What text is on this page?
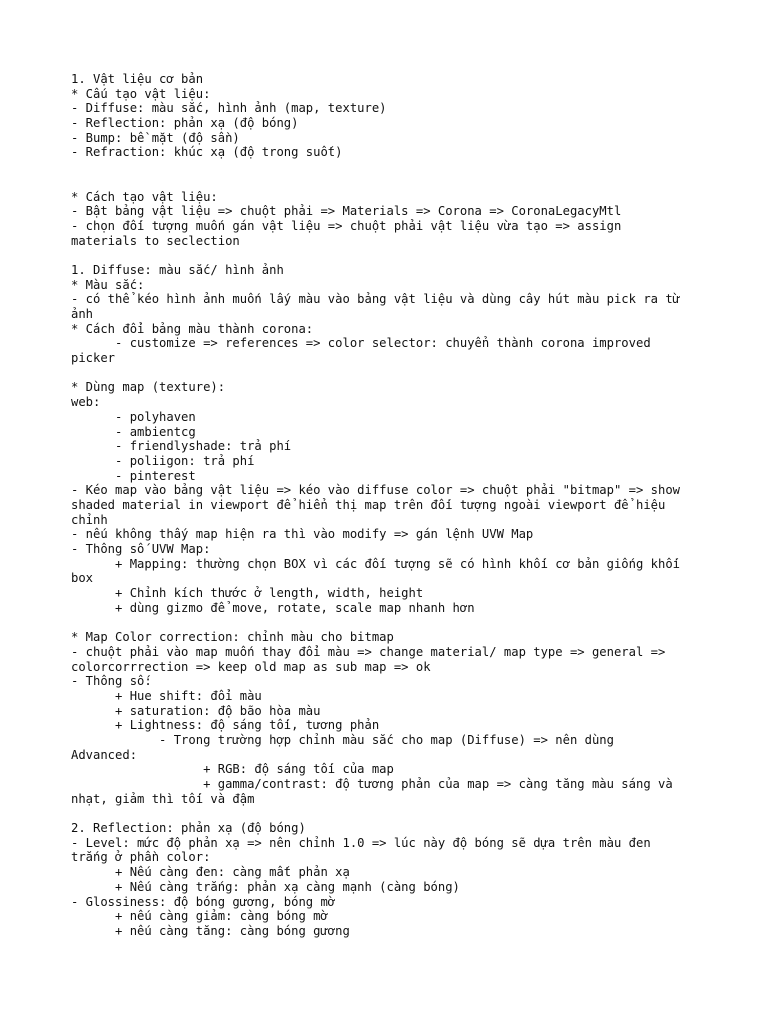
1. Vật liệu cơ bản
* Cấu tạo vật liệu:
- Diffuse: màu sắc, hình ảnh (map, texture)
- Reflection: phản xạ (độ bóng)
- Bump: bề mặt (độ sần)
- Refraction: khúc xạ (độ trong suốt)
* Cách tạo vật liệu:
- Bật bảng vật liệu => chuột phải => Materials => Corona => CoronaLegacyMtl
- chọn đối tượng muốn gán vật liệu => chuột phải vật liệu vừa tạo => assign
materials to seclection
1. Diffuse: màu sắc/ hình ảnh
* Màu sắc:
- có thể kéo hình ảnh muốn lấy màu vào bảng vật liệu và dùng cây hút màu pick ra từ
ảnh
* Cách đổi bảng màu thành corona:
- customize => references => color selector: chuyển thành corona improved
picker
* Dùng map (texture):
web:
- polyhaven
- ambientcg
- friendlyshade: trả phí
- poliigon: trả phí
- pinterest
- Kéo map vào bảng vật liệu => kéo vào diffuse color => chuột phải "bitmap" => show
shaded material in viewport để hiển thị map trên đối tượng ngoài viewport để hiệu
chỉnh
- nếu không thấy map hiện ra thì vào modify => gán lệnh UVW Map
- Thông số UVW Map:
+ Mapping: thường chọn BOX vì các đối tượng sẽ có hình khối cơ bản giống khối
box
+ Chỉnh kích thước ở length, width, height
+ dùng gizmo để move, rotate, scale map nhanh hơn
* Map Color correction: chỉnh màu cho bitmap
- chuột phải vào map muốn thay đổi màu => change material/ map type => general =>
colorcorrrection => keep old map as sub map => ok
- Thông số:
+ Hue shift: đổi màu
+ saturation: độ bão hòa màu
+ Lightness: độ sáng tối, tương phản
- Trong trường hợp chỉnh màu sắc cho map (Diffuse) => nên dùng
Advanced:
+ RGB: độ sáng tối của map
+ gamma/contrast: độ tương phản của map => càng tăng màu sáng và
nhạt, giảm thì tối và đậm
2. Reflection: phản xạ (độ bóng)
- Level: mức độ phản xạ => nên chỉnh 1.0 => lúc này độ bóng sẽ dựa trên màu đen
trắng ở phần color:
+ Nếu càng đen: càng mất phản xạ
+ Nếu càng trắng: phản xạ càng mạnh (càng bóng)
- Glossiness: độ bóng gương, bóng mờ
+ nếu càng giảm: càng bóng mờ
+ nếu càng tăng: càng bóng gương
